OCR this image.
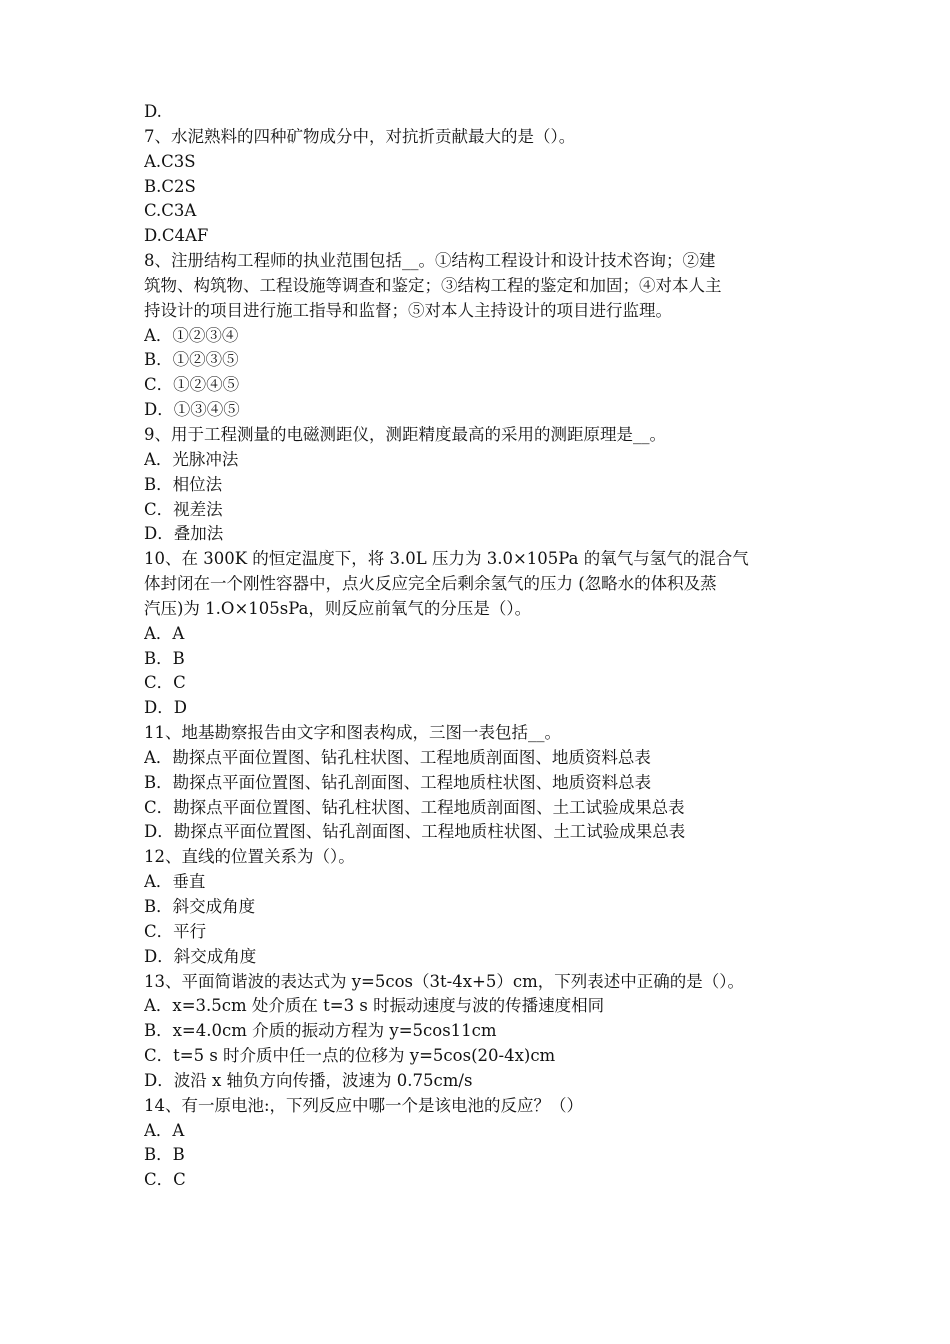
D.
7、水泥熟料的四种矿物成分中，对抗折贡献最大的是（）。
A.C3S
B.C2S
C.C3A
D.C4AF
8、注册结构工程师的执业范围包括__。①结构工程设计和设计技术咨询；②建
筑物、构筑物、工程设施等调查和鉴定；③结构工程的鉴定和加固；④对本人主
持设计的项目进行施工指导和监督；⑤对本人主持设计的项目进行监理。
A．①②③④
B．①②③⑤
C．①②④⑤
D．①③④⑤
9、用于工程测量的电磁测距仪，测距精度最高的采用的测距原理是__。
A．光脉冲法
B．相位法
C．视差法
D．叠加法
10、在 300K 的恒定温度下，将 3.0L 压力为 3.0×105Pa 的氧气与氢气的混合气
体封闭在一个刚性容器中，点火反应完全后剩余氢气的压力 (忽略水的体积及蒸
汽压)为 1.O×105sPa，则反应前氧气的分压是（）。
A．A
B．B
C．C
D．D
11、地基勘察报告由文字和图表构成，三图一表包括__。
A．勘探点平面位置图、钻孔柱状图、工程地质剖面图、地质资料总表
B．勘探点平面位置图、钻孔剖面图、工程地质柱状图、地质资料总表
C．勘探点平面位置图、钻孔柱状图、工程地质剖面图、土工试验成果总表
D．勘探点平面位置图、钻孔剖面图、工程地质柱状图、土工试验成果总表
12、直线的位置关系为（）。
A．垂直
B．斜交成角度
C．平行
D．斜交成角度
13、平面简谐波的表达式为 y=5cos（3t-4x+5）cm，下列表述中正确的是（）。
A．x=3.5cm 处介质在 t=3 s 时振动速度与波的传播速度相同
B．x=4.0cm 介质的振动方程为 y=5cos11cm
C．t=5 s 时介质中任一点的位移为 y=5cos(20-4x)cm
D．波沿 x 轴负方向传播，波速为 0.75cm/s
14、有一原电池:，下列反应中哪一个是该电池的反应？（）
A．A
B．B
C．C
